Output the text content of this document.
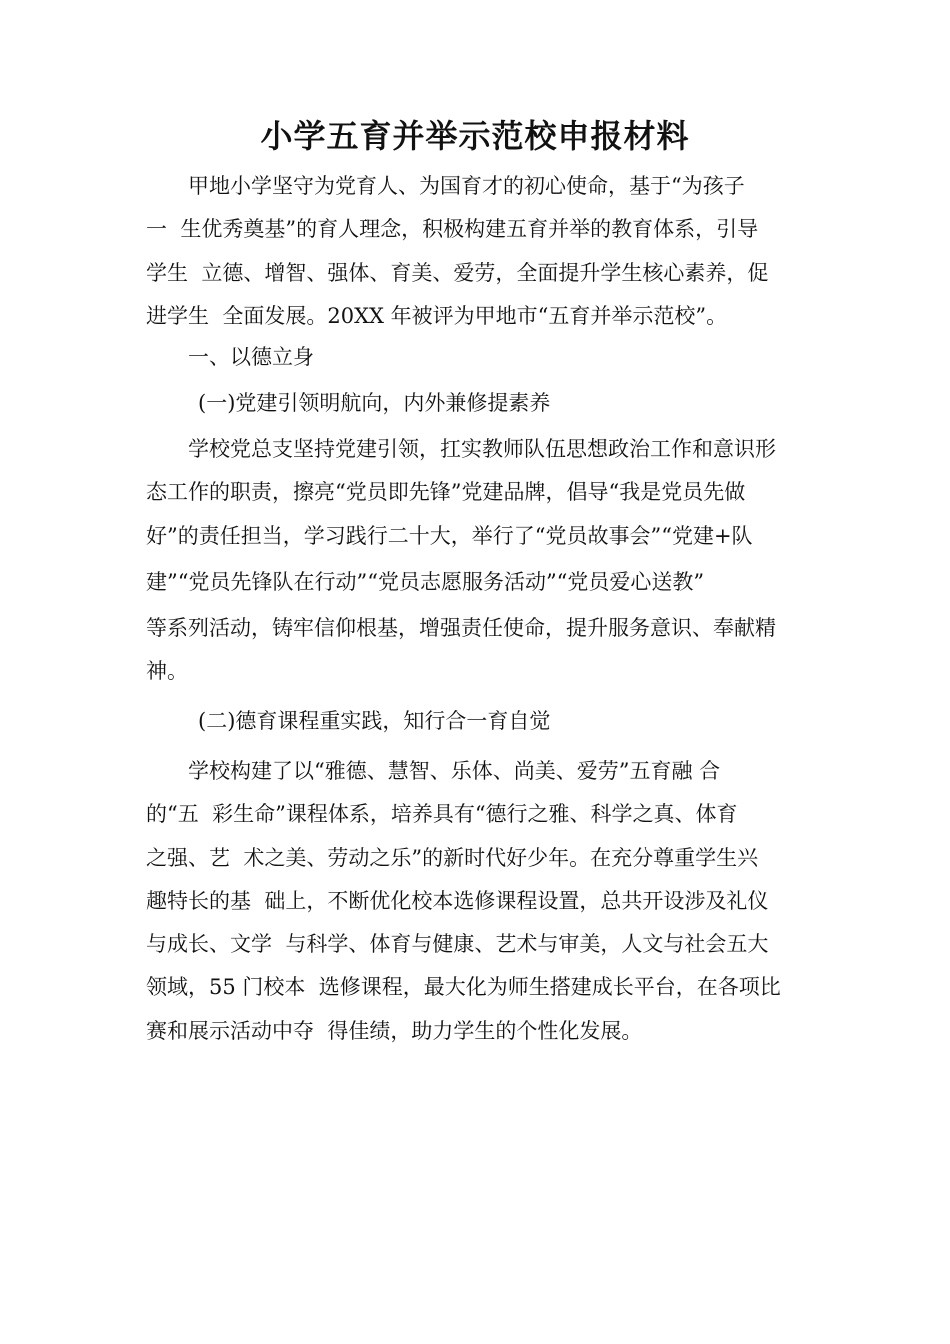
小学五育并举示范校申报材料

甲地小学坚守为党育人、为国育才的初心使命，基于“为孩子
一  生优秀奠基”的育人理念，积极构建五育并举的教育体系，引导
学生  立德、增智、强体、育美、爱劳，全面提升学生核心素养，促
进学生  全面发展。20XX 年被评为甲地市“五育并举示范校”。

一、以德立身

(一)党建引领明航向，内外兼修提素养

学校党总支坚持党建引领，扛实教师队伍思想政治工作和意识形
态工作的职责，擦亮“党员即先锋”党建品牌，倡导“我是党员先做
好”的责任担当，学习践行二十大，举行了“党员故事会”“党建+队
建”“党员先锋队在行动”“党员志愿服务活动”“党员爱心送教”
等系列活动，铸牢信仰根基，增强责任使命，提升服务意识、奉献精
神。

(二)德育课程重实践，知行合一育自觉

学校构建了以“雅德、慧智、乐体、尚美、爱劳”五育融 合
的“五  彩生命”课程体系，培养具有“德行之雅、科学之真、体育
之强、艺  术之美、劳动之乐”的新时代好少年。在充分尊重学生兴
趣特长的基  础上，不断优化校本选修课程设置，总共开设涉及礼仪
与成长、文学  与科学、体育与健康、艺术与审美，人文与社会五大
领域，55 门校本  选修课程，最大化为师生搭建成长平台，在各项比
赛和展示活动中夺  得佳绩，助力学生的个性化发展。
